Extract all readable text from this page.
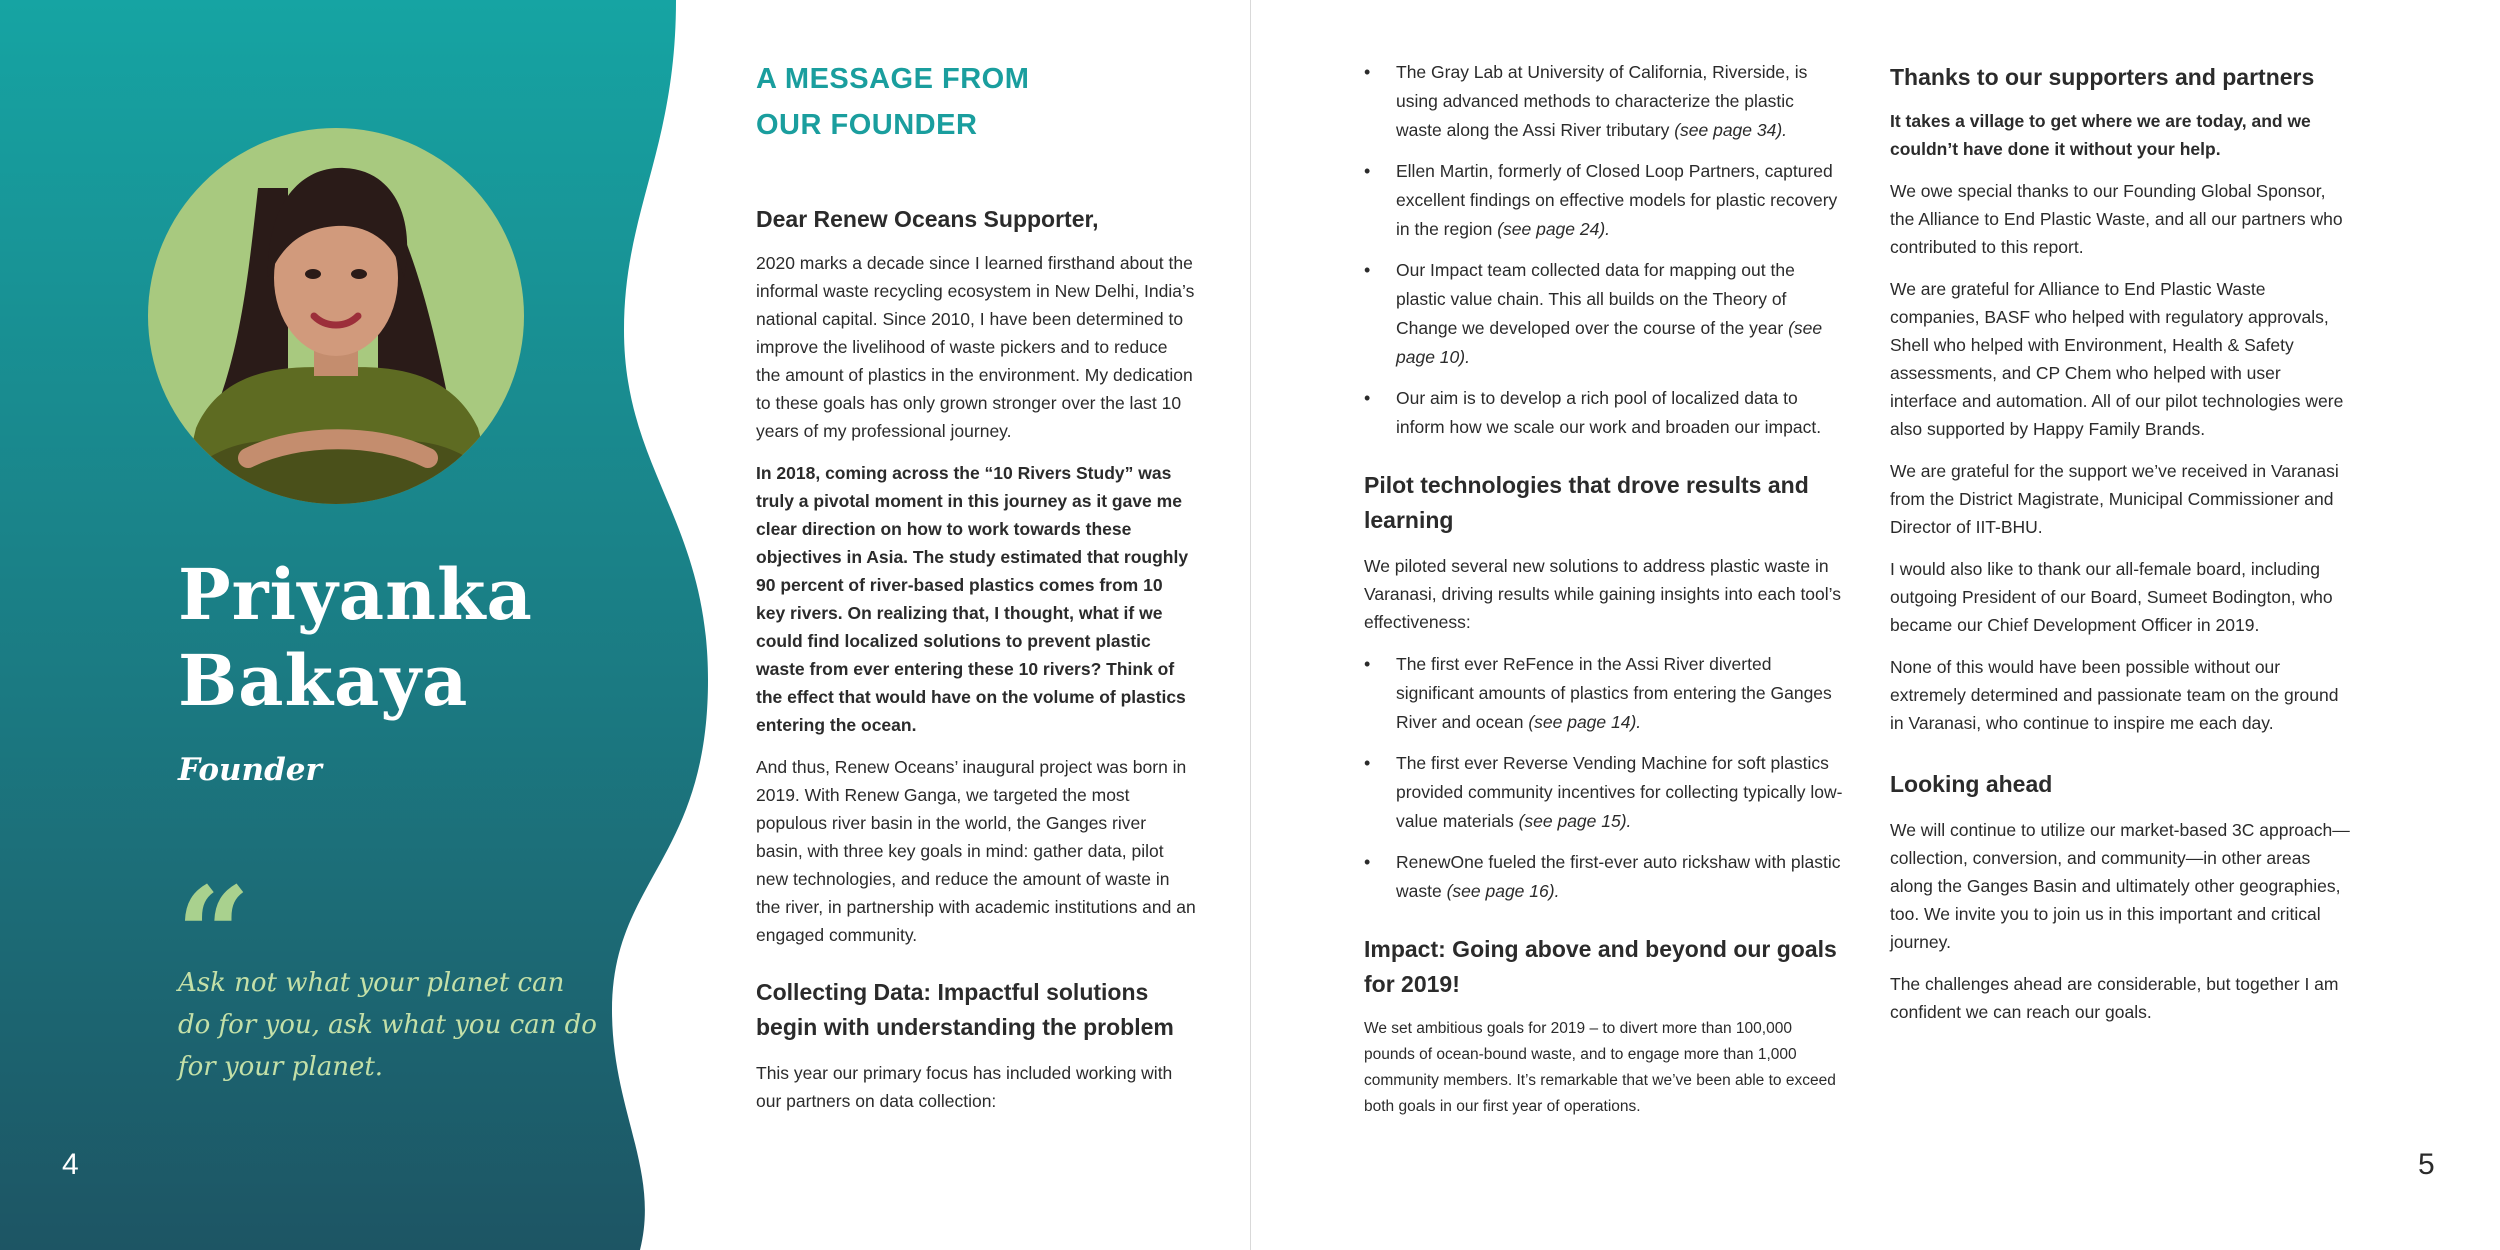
Priyanka
Bakaya
Founder
“

Ask not what your planet can do for you, ask what you can do for your planet.

4
A MESSAGE FROM
OUR FOUNDER
Dear Renew Oceans Supporter,

2020 marks a decade since I learned firsthand about the informal waste recycling ecosystem in New Delhi, India’s national capital. Since 2010, I have been determined to improve the livelihood of waste pickers and to reduce the amount of plastics in the environment. My dedication to these goals has only grown stronger over the last 10 years of my professional journey.

In 2018, coming across the “10 Rivers Study” was truly a pivotal moment in this journey as it gave me clear direction on how to work towards these objectives in Asia. The study estimated that roughly 90 percent of river-based plastics comes from 10 key rivers. On realizing that, I thought, what if we could find localized solutions to prevent plastic waste from ever entering these 10 rivers? Think of the effect that would have on the volume of plastics entering the ocean.

And thus, Renew Oceans’ inaugural project was born in 2019. With Renew Ganga, we targeted the most populous river basin in the world, the Ganges river basin, with three key goals in mind: gather data, pilot new technologies, and reduce the amount of waste in the river, in partnership with academic institutions and an engaged community.

Collecting Data: Impactful solutions begin with understanding the problem

This year our primary focus has included working with our partners on data collection:

• The Gray Lab at University of California, Riverside, is using advanced methods to characterize the plastic waste along the Assi River tributary (see page 34).
• Ellen Martin, formerly of Closed Loop Partners, captured excellent findings on effective models for plastic recovery in the region (see page 24).
• Our Impact team collected data for mapping out the plastic value chain. This all builds on the Theory of Change we developed over the course of the year (see page 10).
• Our aim is to develop a rich pool of localized data to inform how we scale our work and broaden our impact.
Pilot technologies that drove results and learning

We piloted several new solutions to address plastic waste in Varanasi, driving results while gaining insights into each tool’s effectiveness:

• The first ever ReFence in the Assi River diverted significant amounts of plastics from entering the Ganges River and ocean (see page 14).
• The first ever Reverse Vending Machine for soft plastics provided community incentives for collecting typically low-value materials (see page 15).
• RenewOne fueled the first-ever auto rickshaw with plastic waste (see page 16).
Impact: Going above and beyond our goals for 2019!

We set ambitious goals for 2019 – to divert more than 100,000 pounds of ocean-bound waste, and to engage more than 1,000 community members. It’s remarkable that we’ve been able to exceed both goals in our first year of operations.

Thanks to our supporters and partners

It takes a village to get where we are today, and we couldn’t have done it without your help.

We owe special thanks to our Founding Global Sponsor, the Alliance to End Plastic Waste, and all our partners who contributed to this report.

We are grateful for Alliance to End Plastic Waste companies, BASF who helped with regulatory approvals, Shell who helped with Environment, Health & Safety assessments, and CP Chem who helped with user interface and automation. All of our pilot technologies were also supported by Happy Family Brands.

We are grateful for the support we’ve received in Varanasi from the District Magistrate, Municipal Commissioner and Director of IIT-BHU.

I would also like to thank our all-female board, including outgoing President of our Board, Sumeet Bodington, who became our Chief Development Officer in 2019.

None of this would have been possible without our extremely determined and passionate team on the ground in Varanasi, who continue to inspire me each day.

Looking ahead

We will continue to utilize our market-based 3C approach—collection, conversion, and community—in other areas along the Ganges Basin and ultimately other geographies, too. We invite you to join us in this important and critical journey.

The challenges ahead are considerable, but together I am confident we can reach our goals.

5
